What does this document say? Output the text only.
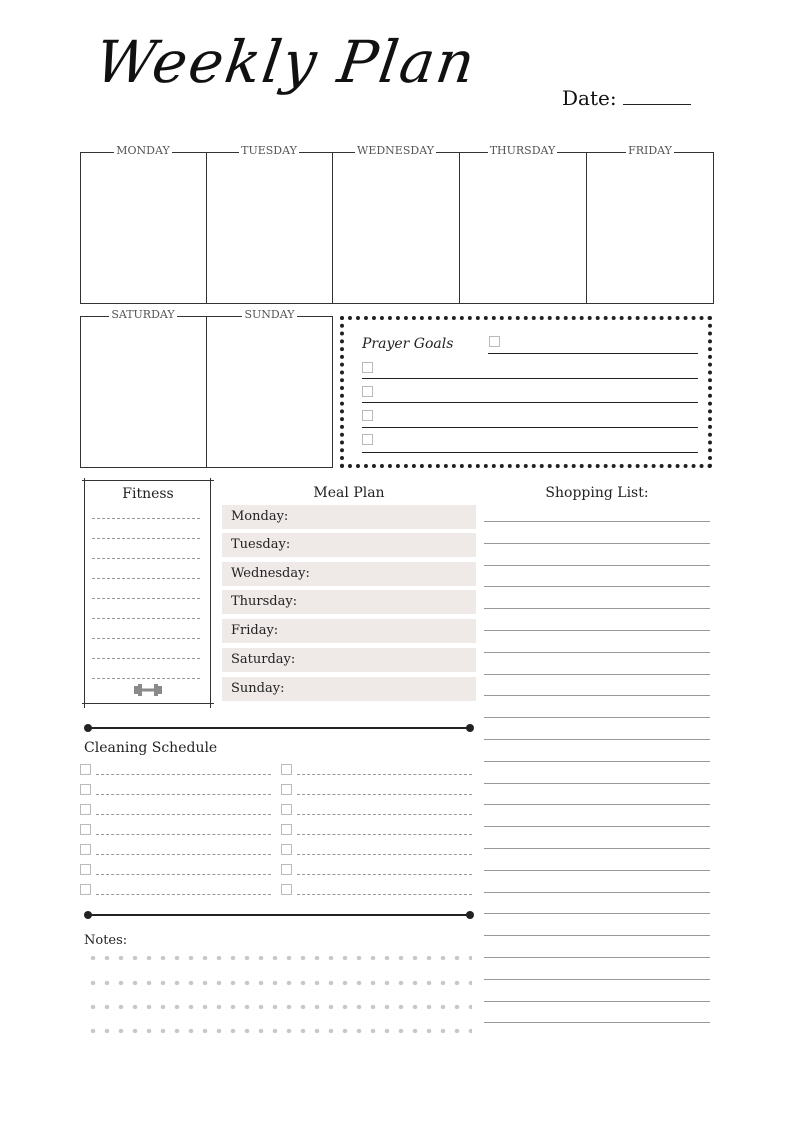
Weekly Plan
Date:
MONDAY	TUESDAY	WEDNESDAY	THURSDAY	FRIDAY
SATURDAY	SUNDAY
Prayer Goals
Fitness	Meal Plan
Monday:
Tuesday:
Wednesday:
Thursday:
Friday:
Saturday:
Sunday:
Shopping List:
Cleaning Schedule
Notes:
